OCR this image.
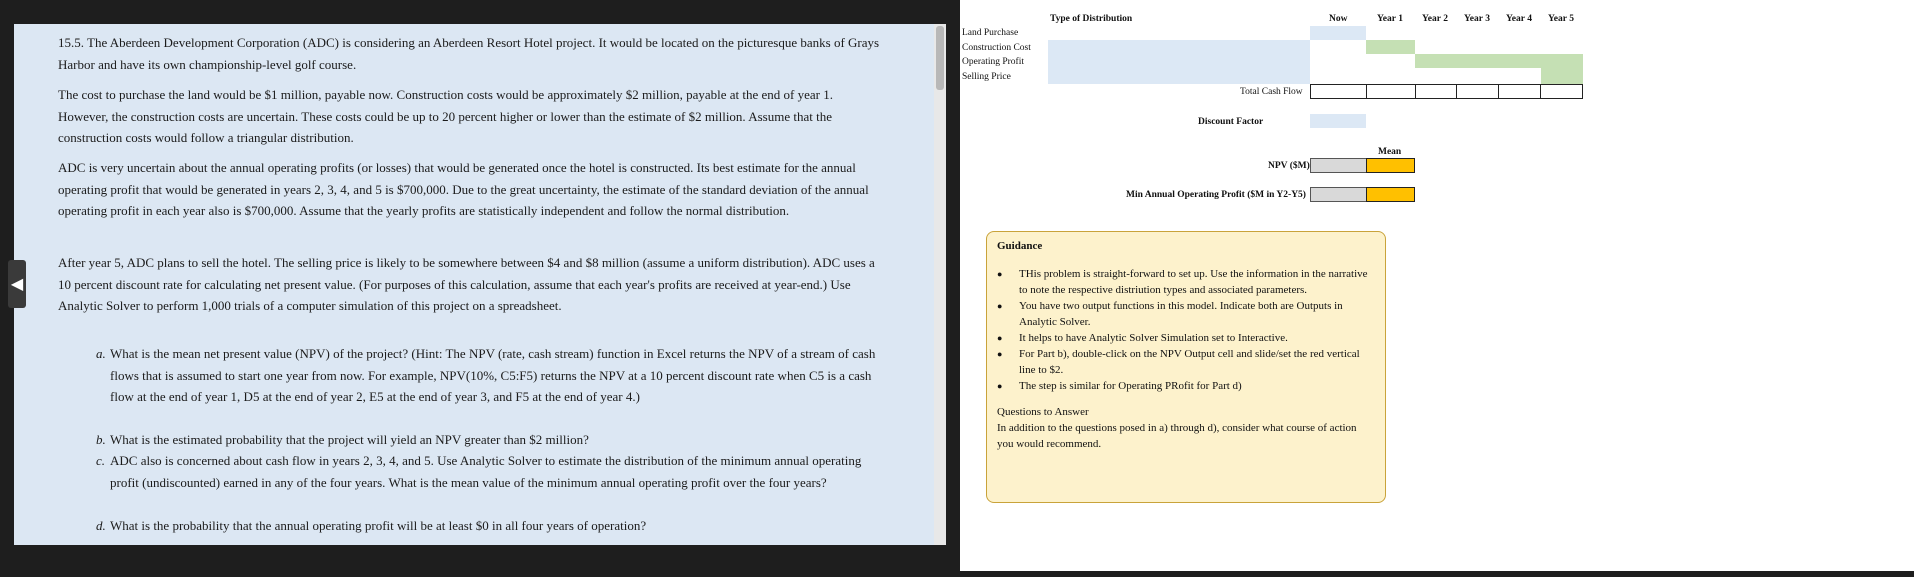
15.5. The Aberdeen Development Corporation (ADC) is considering an Aberdeen Resort Hotel project. It would be located on the picturesque banks of Grays Harbor and have its own championship-level golf course.

The cost to purchase the land would be $1 million, payable now. Construction costs would be approximately $2 million, payable at the end of year 1. However, the construction costs are uncertain. These costs could be up to 20 percent higher or lower than the estimate of $2 million. Assume that the construction costs would follow a triangular distribution.

ADC is very uncertain about the annual operating profits (or losses) that would be generated once the hotel is constructed. Its best estimate for the annual operating profit that would be generated in years 2, 3, 4, and 5 is $700,000. Due to the great uncertainty, the estimate of the standard deviation of the annual operating profit in each year also is $700,000. Assume that the yearly profits are statistically independent and follow the normal distribution.

After year 5, ADC plans to sell the hotel. The selling price is likely to be somewhere between $4 and $8 million (assume a uniform distribution). ADC uses a 10 percent discount rate for calculating net present value. (For purposes of this calculation, assume that each year's profits are received at year-end.) Use Analytic Solver to perform 1,000 trials of a computer simulation of this project on a spreadsheet.

a. What is the mean net present value (NPV) of the project? (Hint: The NPV (rate, cash stream) function in Excel returns the NPV of a stream of cash flows that is assumed to start one year from now. For example, NPV(10%, C5:F5) returns the NPV at a 10 percent discount rate when C5 is a cash flow at the end of year 1, D5 at the end of year 2, E5 at the end of year 3, and F5 at the end of year 4.)
b. What is the estimated probability that the project will yield an NPV greater than $2 million?
c. ADC also is concerned about cash flow in years 2, 3, 4, and 5. Use Analytic Solver to estimate the distribution of the minimum annual operating profit (undiscounted) earned in any of the four years. What is the mean value of the minimum annual operating profit over the four years?
d. What is the probability that the annual operating profit will be at least $0 in all four years of operation?
◀
Type of Distribution	Now	Year 1 Year 2 Year 3 Year 4 Year 5
Land Purchase
Construction Cost
Operating Profit
Selling Price
Total Cash Flow
Discount Factor
Mean
NPV ($M)
Min Annual Operating Profit ($M in Y2-Y5)
Guidance
● THis problem is straight-forward to set up. Use the information in the narrative to note the respective distriution types and associated parameters.
● You have two output functions in this model. Indicate both are Outputs in Analytic Solver.
● It helps to have Analytic Solver Simulation set to Interactive.
● For Part b), double-click on the NPV Output cell and slide/set the red vertical line to $2.
● The step is similar for Operating PRofit for Part d)
Questions to Answer
In addition to the questions posed in a) through d), consider what course of action you would recommend.
